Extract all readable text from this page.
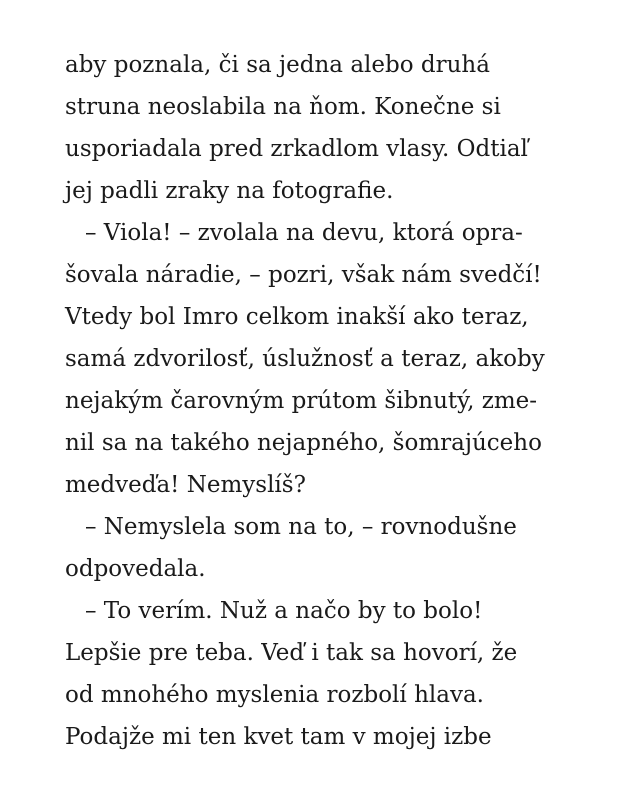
aby poznala, či sa jedna alebo druhá
struna neoslabila na ňom. Konečne si
usporiadala pred zrkadlom vlasy. Odtiaľ
jej padli zraky na fotografie.
– Viola! – zvolala na devu, ktorá opra-
šovala náradie, – pozri, však nám svedčí!
Vtedy bol Imro celkom inakší ako teraz,
samá zdvorilosť, úslužnosť a teraz, akoby
nejakým čarovným prútom šibnutý, zme-
nil sa na takého nejapného, šomrajúceho
medveďa! Nemyslíš?
– Nemyslela som na to, – rovnodušne
odpovedala.
– To verím. Nuž a načo by to bolo!
Lepšie pre teba. Veď i tak sa hovorí, že
od mnohého myslenia rozbolí hlava.
Podajže mi ten kvet tam v mojej izbe
